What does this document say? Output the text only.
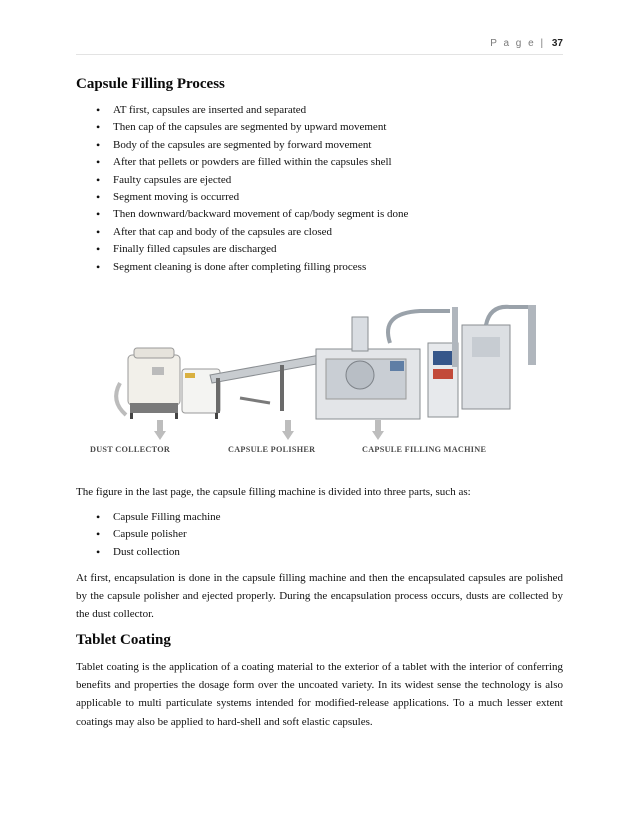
P a g e | 37
Capsule Filling Process
• AT first, capsules are inserted and separated
• Then cap of the capsules are segmented by upward movement
• Body of the capsules are segmented by forward movement
• After that pellets or powders are filled within the capsules shell
• Faulty capsules are ejected
• Segment moving is occurred
• Then downward/backward movement of cap/body segment is done
• After that cap and body of the capsules are closed
• Finally filled capsules are discharged
• Segment cleaning is done after completing filling process
DUST COLLECTOR	CAPSULE POLISHER	CAPSULE FILLING MACHINE

The figure in the last page, the capsule filling machine is divided into three parts, such as:

• Capsule Filling machine
• Capsule polisher
• Dust collection

At first, encapsulation is done in the capsule filling machine and then the encapsulated capsules are polished by the capsule polisher and ejected properly. During the encapsulation process occurs, dusts are collected by the dust collector.

Tablet Coating

Tablet coating is the application of a coating material to the exterior of a tablet with the interior of conferring benefits and properties the dosage form over the uncoated variety. In its widest sense the technology is also applicable to multi particulate systems intended for modified-release applications. To a much lesser extent coatings may also be applied to hard-shell and soft elastic capsules.
